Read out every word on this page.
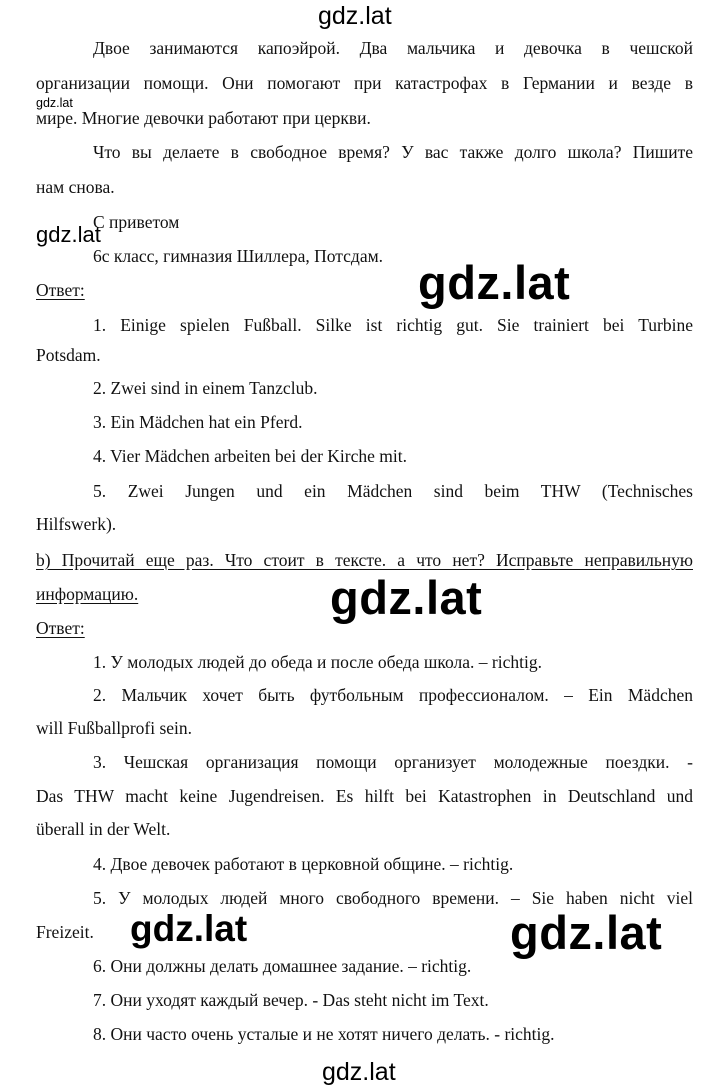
gdz.lat
gdz.lat
Двое занимаются капоэйрой. Два мальчика и девочка в чешской
организации помощи. Они помогают при катастрофах в Германии и везде в
мире. Многие девочки работают при церкви.
Что вы делаете в свободное время? У вас также долго школа? Пишите
нам снова.
С приветом
gdz.lat
6c класс, гимназия Шиллера, Потсдам.
Ответ:	gdz.lat
1. Einige spielen Fußball. Silke ist richtig gut. Sie trainiert bei Turbine
Potsdam.
2. Zwei sind in einem Tanzclub.
3. Ein Mädchen hat ein Pferd.
4. Vier Mädchen arbeiten bei der Kirche mit.
5. Zwei Jungen und ein Mädchen sind beim THW (Technisches
Hilfswerk).
b) Прочитай еще раз. Что стоит в тексте. а что нет? Исправьте неправильную
информацию.	gdz.lat
Ответ:
1. У молодых людей до обеда и после обеда школа. – richtig.
2. Мальчик хочет быть футбольным профессионалом. – Ein Mädchen
will Fußballprofi sein.
3. Чешская организация помощи организует молодежные поездки. -
Das THW macht keine Jugendreisen. Es hilft bei Katastrophen in Deutschland und
überall in der Welt.
4. Двое девочек работают в церковной общине. – richtig.
5. У молодых людей много свободного времени. – Sie haben nicht viel
Freizeit. gdz.lat	gdz.lat
6. Они должны делать домашнее задание. – richtig.
7. Они уходят каждый вечер. - Das steht nicht im Text.
8. Они часто очень усталые и не хотят ничего делать. - richtig.
gdz.lat
